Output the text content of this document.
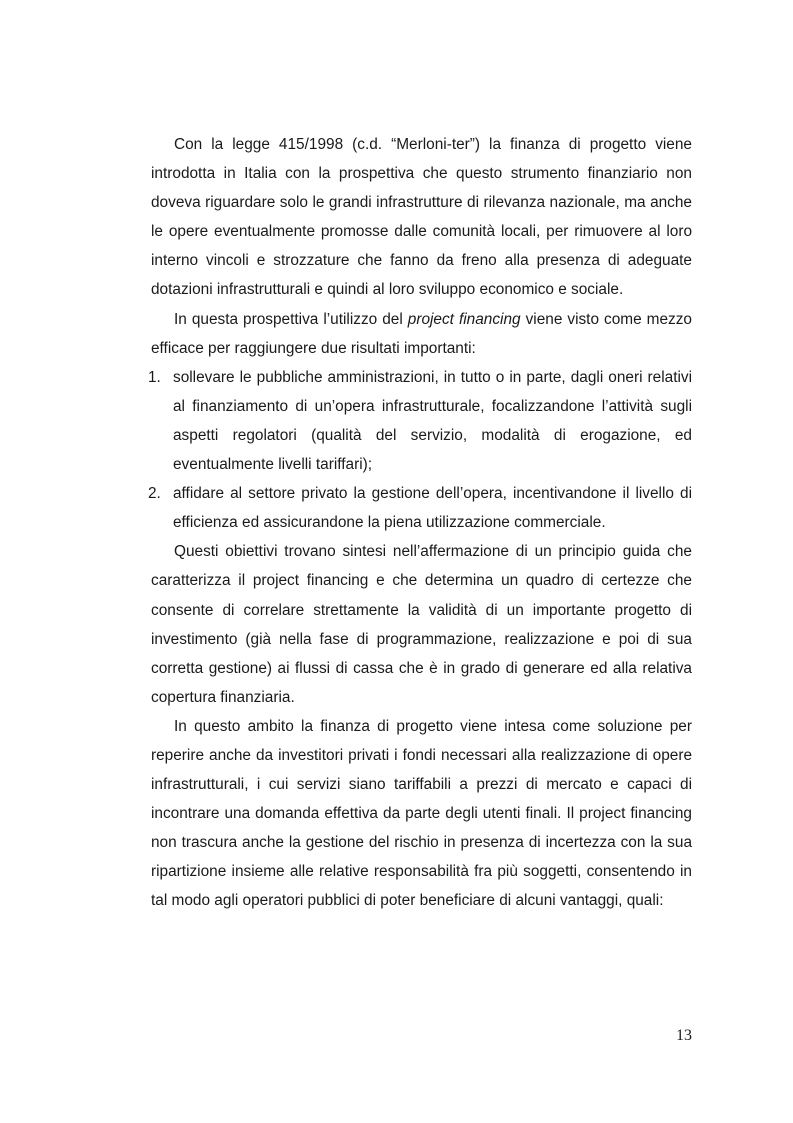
Con la legge 415/1998 (c.d. “Merloni-ter”) la finanza di progetto viene introdotta in Italia con la prospettiva che questo strumento finanziario non doveva riguardare solo le grandi infrastrutture di rilevanza nazionale, ma anche le opere eventualmente promosse dalle comunità locali, per rimuovere al loro interno vincoli e strozzature che fanno da freno alla presenza di adeguate dotazioni infrastrutturali e quindi al loro sviluppo economico e sociale.

In questa prospettiva l’utilizzo del project financing viene visto come mezzo efficace per raggiungere due risultati importanti:

1. sollevare le pubbliche amministrazioni, in tutto o in parte, dagli oneri relativi al finanziamento di un’opera infrastrutturale, focalizzandone l’attività sugli aspetti regolatori (qualità del servizio, modalità di erogazione, ed eventualmente livelli tariffari);

2. affidare al settore privato la gestione dell’opera, incentivandone il livello di efficienza ed assicurandone la piena utilizzazione commerciale.

Questi obiettivi trovano sintesi nell’affermazione di un principio guida che caratterizza il project financing e che determina un quadro di certezze che consente di correlare strettamente la validità di un importante progetto di investimento (già nella fase di programmazione, realizzazione e poi di sua corretta gestione) ai flussi di cassa che è in grado di generare ed alla relativa copertura finanziaria.

In questo ambito la finanza di progetto viene intesa come soluzione per reperire anche da investitori privati i fondi necessari alla realizzazione di opere infrastrutturali, i cui servizi siano tariffabili a prezzi di mercato e capaci di incontrare una domanda effettiva da parte degli utenti finali. Il project financing non trascura anche la gestione del rischio in presenza di incertezza con la sua ripartizione insieme alle relative responsabilità fra più soggetti, consentendo in tal modo agli operatori pubblici di poter beneficiare di alcuni vantaggi, quali:

13
